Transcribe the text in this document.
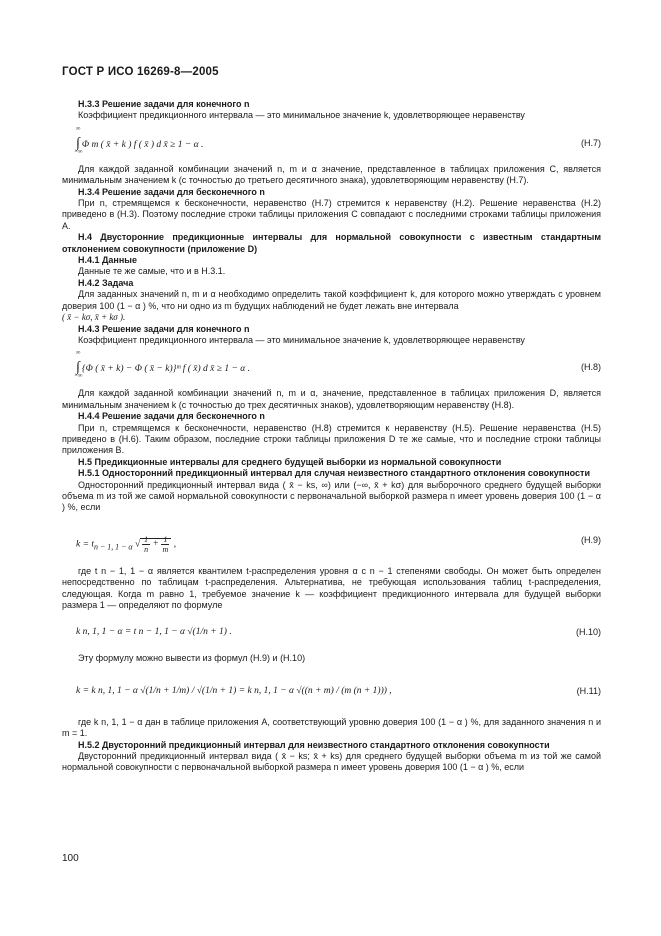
ГОСТ Р ИСО 16269-8—2005

Н.3.3 Решение задачи для конечного n

Коэффициент предикционного интервала — это минимальное значение k, удовлетворяющее неравенству

∞
∫ Φ m ( x̄ + k ) f ( x̄ ) d x̄ ≥ 1 − α .
−∞
(Н.7)

Для каждой заданной комбинации значений n, m и α значение, представленное в таблицах приложения С, является минимальным значением k (с точностью до третьего десятичного знака), удовлетворяющим неравенству (Н.7).

Н.3.4 Решение задачи для бесконечного n

При n, стремящемся к бесконечности, неравенство (Н.7) стремится к неравенству (Н.2). Решение неравенства (Н.2) приведено в (Н.3). Поэтому последние строки таблицы приложения С совпадают с последними строками таблицы приложения А.

Н.4 Двусторонние предикционные интервалы для нормальной совокупности с известным стандартным отклонением совокупности (приложение D)

Н.4.1 Данные

Данные те же самые, что и в Н.3.1.

Н.4.2 Задача

Для заданных значений n, m и α необходимо определить такой коэффициент k, для которого можно утверждать с уровнем доверия 100 (1 − α ) %, что ни одно из m будущих наблюдений не будет лежать вне интервала

( x̄ − kσ, x̄ + kσ ).

Н.4.3 Решение задачи для конечного n

Коэффициент предикционного интервала — это минимальное значение k, удовлетворяющее неравенству

∞
∫ {Φ ( x̄ + k) − Φ ( x̄ − k)}ᵐ f ( x̄) d x̄ ≥ 1 − α .
−∞
(Н.8)

Для каждой заданной комбинации значений n, m и α, значение, представленное в таблицах приложения D, является минимальным значением k (с точностью до трех десятичных знаков), удовлетворяющим неравенству (Н.8).

Н.4.4 Решение задачи для бесконечного n

При n, стремящемся к бесконечности, неравенство (Н.8) стремится к неравенству (Н.5). Решение неравенства (Н.5) приведено в (Н.6). Таким образом, последние строки таблицы приложения D те же самые, что и последние строки таблицы приложения В.

Н.5 Предикционные интервалы для среднего будущей выборки из нормальной совокупности

Н.5.1 Односторонний предикционный интервал для случая неизвестного стандартного отклонения совокупности

Односторонний предикционный интервал вида ( x̄ − ks, ∞) или (−∞, x̄ + kσ) для выборочного среднего будущей выборки объема m из той же самой нормальной совокупности с первоначальной выборкой размера n имеет уровень доверия 100 (1 − α ) %, если

$k = t_{n - 1, 1 - \alpha}$ √ $\frac{1}{n} + \frac{1}{m}$ ,	(Н.9)

где t n − 1, 1 − α является квантилем t-распределения уровня α с n − 1 степенями свободы. Он может быть определен непосредственно по таблицам t-распределения. Альтернатива, не требующая использования таблиц t-распределения, следующая. Когда m равно 1, требуемое значение k — коэффициент предикционного интервала для будущей выборки размера 1 — определяют по формуле

k n, 1, 1 − α = t n − 1, 1 − α √(1/n + 1) .	(Н.10)

Эту формулу можно вывести из формул (Н.9) и (Н.10)

k = k n, 1, 1 − α √(1/n + 1/m) / √(1/n + 1) = k n, 1, 1 − α √((n + m) / (m (n + 1))) ,	(Н.11)

где k n, 1, 1 − α дан в таблице приложения А, соответствующий уровню доверия 100 (1 − α ) %, для заданного значения n и m = 1.

Н.5.2 Двусторонний предикционный интервал для неизвестного стандартного отклонения совокупности

Двусторонний предикционный интервал вида ( x̄ − ks; x̄ + ks) для среднего будущей выборки объема m из той же самой нормальной совокупности с первоначальной выборкой размера n имеет уровень доверия 100 (1 − α ) %, если

100
